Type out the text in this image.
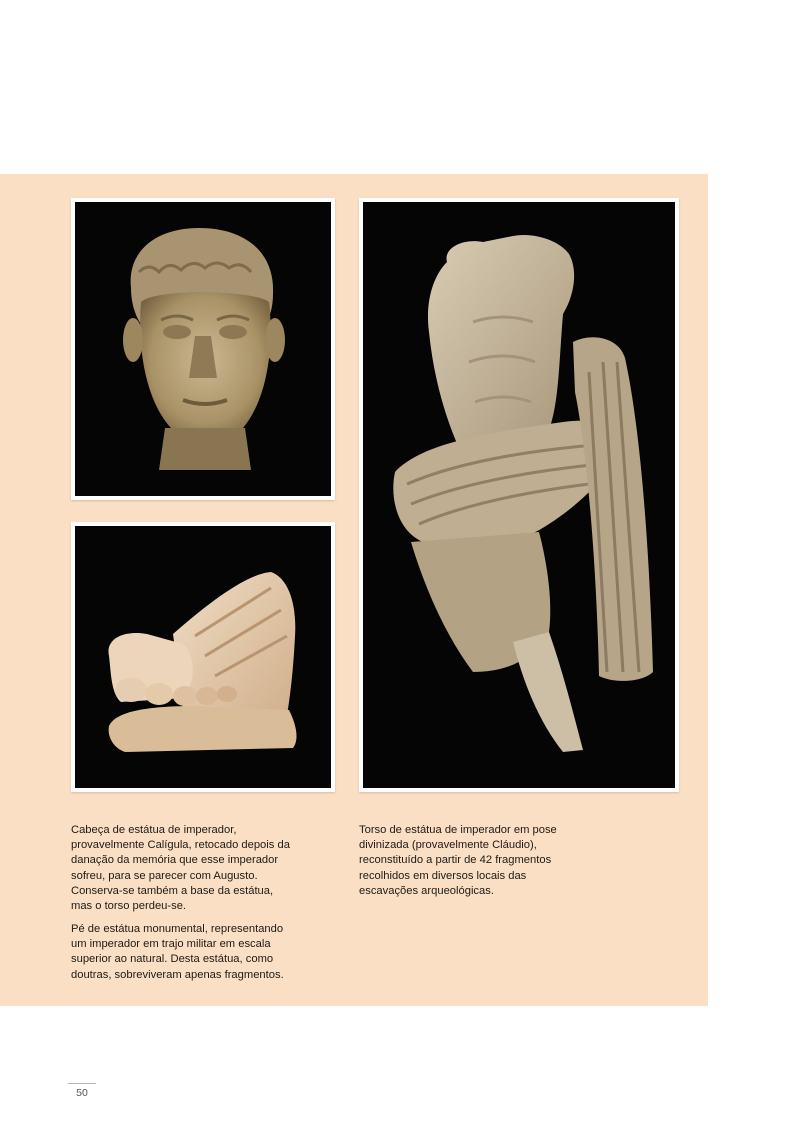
Cabeça de estátua de imperador, provavelmente Calígula, retocado depois da danação da memória que esse imperador sofreu, para se parecer com Augusto. Conserva-se também a base da estátua, mas o torso perdeu-se.

Pé de estátua monumental, representando um imperador em trajo militar em escala superior ao natural. Desta estátua, como doutras, sobreviveram apenas fragmentos.

Torso de estátua de imperador em pose divinizada (provavelmente Cláudio), reconstituído a partir de 42 fragmentos recolhidos em diversos locais das escavações arqueológicas.

50
